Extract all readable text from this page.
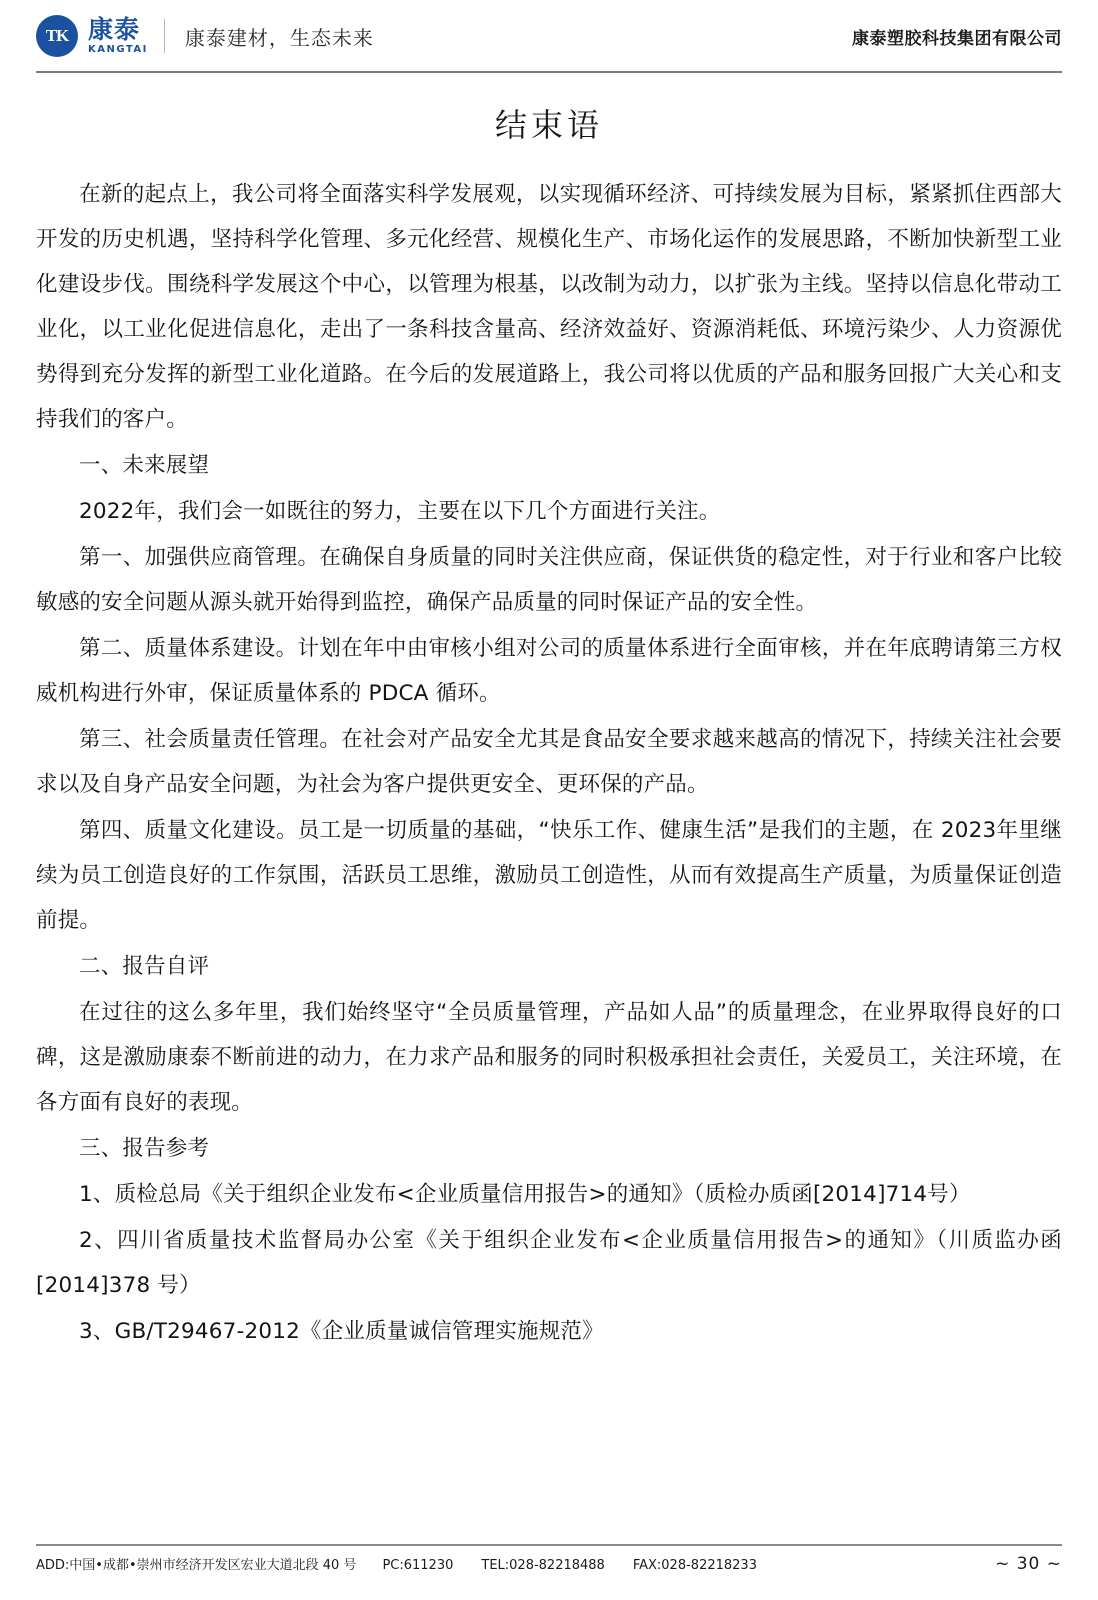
TK 康泰
KANGTAI 康泰建材，生态未来	康泰塑胶科技集团有限公司
结束语

在新的起点上，我公司将全面落实科学发展观，以实现循环经济、可持续发展为目标，紧紧抓住西部大开发的历史机遇，坚持科学化管理、多元化经营、规模化生产、市场化运作的发展思路，不断加快新型工业化建设步伐。围绕科学发展这个中心，以管理为根基，以改制为动力，以扩张为主线。坚持以信息化带动工业化，以工业化促进信息化，走出了一条科技含量高、经济效益好、资源消耗低、环境污染少、人力资源优势得到充分发挥的新型工业化道路。在今后的发展道路上，我公司将以优质的产品和服务回报广大关心和支持我们的客户。

一、未来展望

2022年，我们会一如既往的努力，主要在以下几个方面进行关注。

第一、加强供应商管理。在确保自身质量的同时关注供应商，保证供货的稳定性，对于行业和客户比较敏感的安全问题从源头就开始得到监控，确保产品质量的同时保证产品的安全性。

第二、质量体系建设。计划在年中由审核小组对公司的质量体系进行全面审核，并在年底聘请第三方权威机构进行外审，保证质量体系的 PDCA 循环。

第三、社会质量责任管理。在社会对产品安全尤其是食品安全要求越来越高的情况下，持续关注社会要求以及自身产品安全问题，为社会为客户提供更安全、更环保的产品。

第四、质量文化建设。员工是一切质量的基础，“快乐工作、健康生活”是我们的主题，在 2023年里继续为员工创造良好的工作氛围，活跃员工思维，激励员工创造性，从而有效提高生产质量，为质量保证创造前提。

二、报告自评

在过往的这么多年里，我们始终坚守“全员质量管理，产品如人品”的质量理念，在业界取得良好的口碑，这是激励康泰不断前进的动力，在力求产品和服务的同时积极承担社会责任，关爱员工，关注环境，在各方面有良好的表现。

三、报告参考

1、质检总局《关于组织企业发布<企业质量信用报告>的通知》（质检办质函[2014]714号）

2、四川省质量技术监督局办公室《关于组织企业发布<企业质量信用报告>的通知》（川质监办函[2014]378 号）

3、GB/T29467-2012《企业质量诚信管理实施规范》

ADD:中国•成都•崇州市经济开发区宏业大道北段 40 号 PC:611230 TEL:028-82218488 FAX:028-82218233	~ 30 ~
